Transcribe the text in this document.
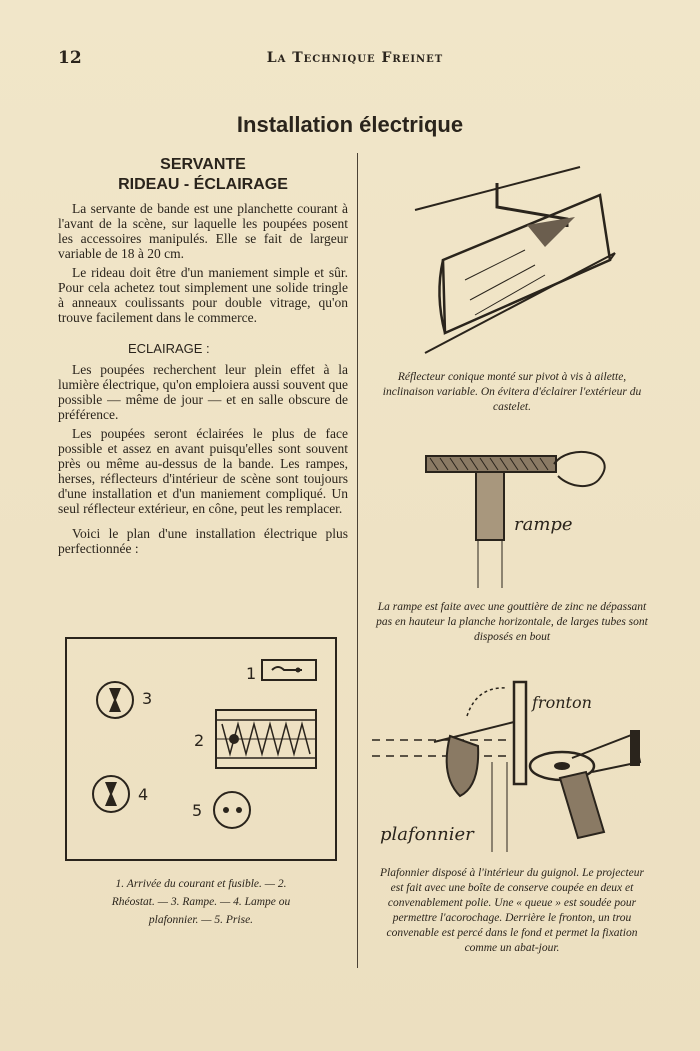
12	La Technique Freinet
Installation électrique

SERVANTE

RIDEAU - ÉCLAIRAGE

La servante de bande est une planchette courant à l'avant de la scène, sur laquelle les poupées posent les accessoires manipulés. Elle se fait de largeur variable de 18 à 20 cm.

Le rideau doit être d'un maniement simple et sûr. Pour cela achetez tout simplement une solide tringle à anneaux coulissants pour double vitrage, qu'on trouve facilement dans le commerce.

ECLAIRAGE :

Les poupées recherchent leur plein effet à la lumière électrique, qu'on emploiera aussi souvent que possible — même de jour — et en salle obscure de préférence.

Les poupées seront éclairées le plus de face possible et assez en avant puisqu'elles sont souvent près ou même au-dessus de la bande. Les rampes, herses, réflecteurs d'intérieur de scène sont toujours d'une installation et d'un maniement compliqué. Un seul réflecteur extérieur, en cône, peut les remplacer.

Voici le plan d'une installation électrique plus perfectionnée :

1
2
3
4
5
1. Arrivée du courant et fusible. — 2.
Rhéostat. — 3. Rampe. — 4. Lampe ou
plafonnier. — 5. Prise.
Réflecteur conique monté sur pivot à vis à ailette, inclinaison variable. On évitera d'éclairer l'extérieur du castelet.
rampe
La rampe est faite avec une gouttière de zinc ne dépassant pas en hauteur la planche horizontale, de larges tubes sont disposés en bout
fronton
plafonnier
Plafonnier disposé à l'intérieur du guignol. Le projecteur est fait avec une boîte de conserve coupée en deux et convenablement polie. Une « queue » est soudée pour permettre l'acorochage. Derrière le fronton, un trou convenable est percé dans le fond et permet la fixation comme un abat-jour.
